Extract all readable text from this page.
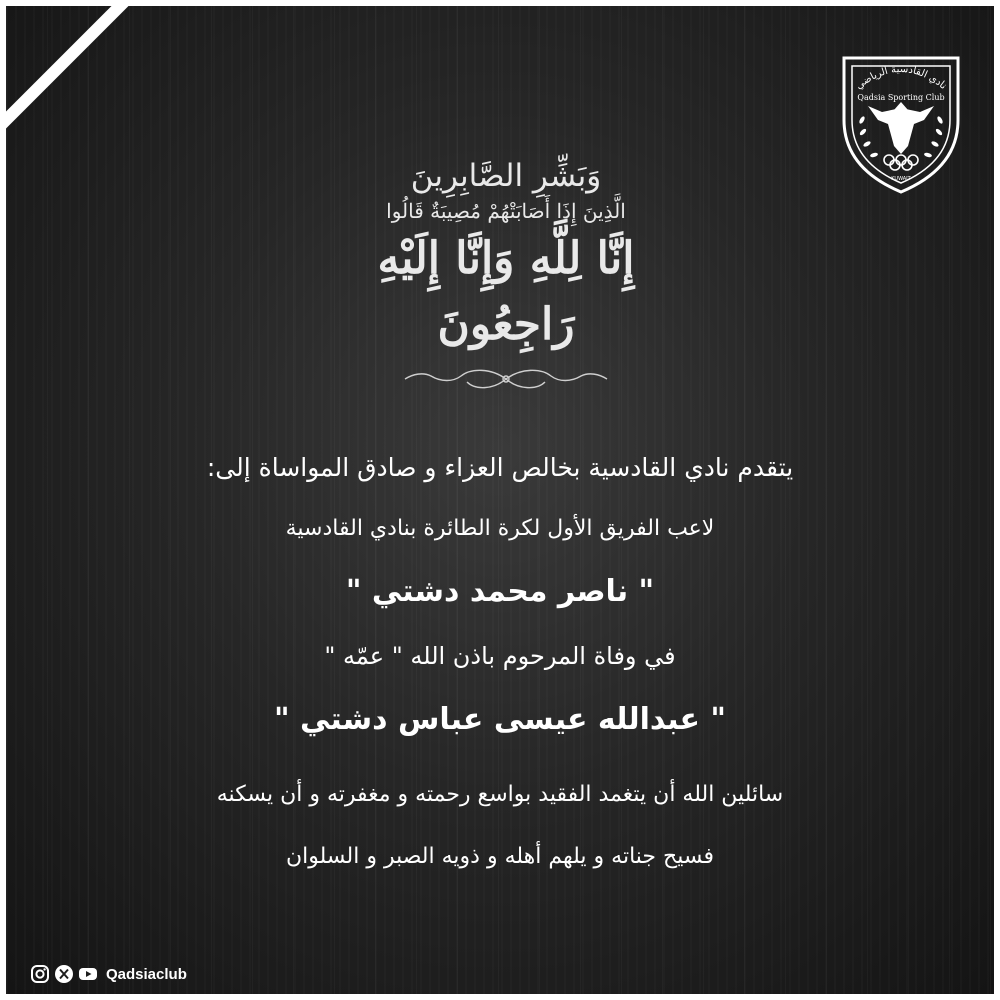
نادي القادسية الرياضي
Qadsia Sporting Club
KUWAIT
وَبَشِّرِ الصَّابِرِينَ
الَّذِينَ إِذَا أَصَابَتْهُمْ مُصِيبَةٌ قَالُوا
إِنَّا لِلَّهِ وَإِنَّا إِلَيْهِ رَاجِعُونَ
يتقدم نادي القادسية بخالص العزاء و صادق المواساة إلى:
لاعب الفريق الأول لكرة الطائرة بنادي القادسية
" ناصر محمد دشتي "
في وفاة المرحوم باذن الله " عمّه "
" عبدالله عيسى عباس دشتي "
سائلين الله أن يتغمد الفقيد بواسع رحمته و مغفرته و أن يسكنه
فسيح جناته و يلهم أهله و ذويه الصبر و السلوان
Qadsiaclub
